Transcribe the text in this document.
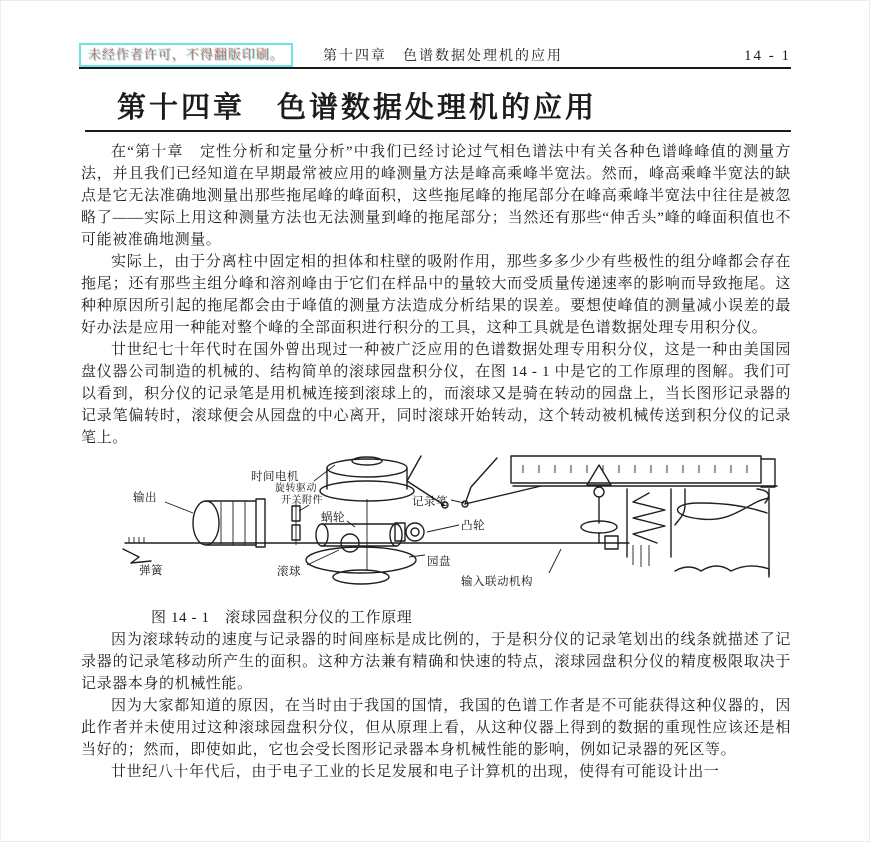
未经作者许可，不得翻版印刷。	第十四章　色谱数据处理机的应用	14 - 1
第十四章　色谱数据处理机的应用

在“第十章　定性分析和定量分析”中我们已经讨论过气相色谱法中有关各种色谱峰峰值的测量方法，并且我们已经知道在早期最常被应用的峰测量方法是峰高乘峰半宽法。然而，峰高乘峰半宽法的缺点是它无法准确地测量出那些拖尾峰的峰面积，这些拖尾峰的拖尾部分在峰高乘峰半宽法中往往是被忽略了——实际上用这种测量方法也无法测量到峰的拖尾部分；当然还有那些“伸舌头”峰的峰面积值也不可能被准确地测量。

实际上，由于分离柱中固定相的担体和柱壁的吸附作用，那些多多少少有些极性的组分峰都会存在拖尾；还有那些主组分峰和溶剂峰由于它们在样品中的量较大而受质量传递速率的影响而导致拖尾。这种种原因所引起的拖尾都会由于峰值的测量方法造成分析结果的误差。要想使峰值的测量减小误差的最好办法是应用一种能对整个峰的全部面积进行积分的工具，这种工具就是色谱数据处理专用积分仪。

廿世纪七十年代时在国外曾出现过一种被广泛应用的色谱数据处理专用积分仪，这是一种由美国园盘仪器公司制造的机械的、结构简单的滚球园盘积分仪，在图 14 - 1 中是它的工作原理的图解。我们可以看到，积分仪的记录笔是用机械连接到滚球上的，而滚球又是骑在转动的园盘上，当长图形记录器的记录笔偏转时，滚球便会从园盘的中心离开，同时滚球开始转动，这个转动被机械传送到积分仪的记录笔上。

时间电机
输出
旋转驱动
开关附件
蜗轮
记录笔
凸轮
弹簧	滚球
园盘
输入联动机构
图 14 - 1　滚球园盘积分仪的工作原理

因为滚球转动的速度与记录器的时间座标是成比例的，于是积分仪的记录笔划出的线条就描述了记录器的记录笔移动所产生的面积。这种方法兼有精确和快速的特点，滚球园盘积分仪的精度极限取决于记录器本身的机械性能。

因为大家都知道的原因，在当时由于我国的国情，我国的色谱工作者是不可能获得这种仪器的，因此作者并未使用过这种滚球园盘积分仪，但从原理上看，从这种仪器上得到的数据的重现性应该还是相当好的；然而，即使如此，它也会受长图形记录器本身机械性能的影响，例如记录器的死区等。

廿世纪八十年代后，由于电子工业的长足发展和电子计算机的出现，使得有可能设计出一
